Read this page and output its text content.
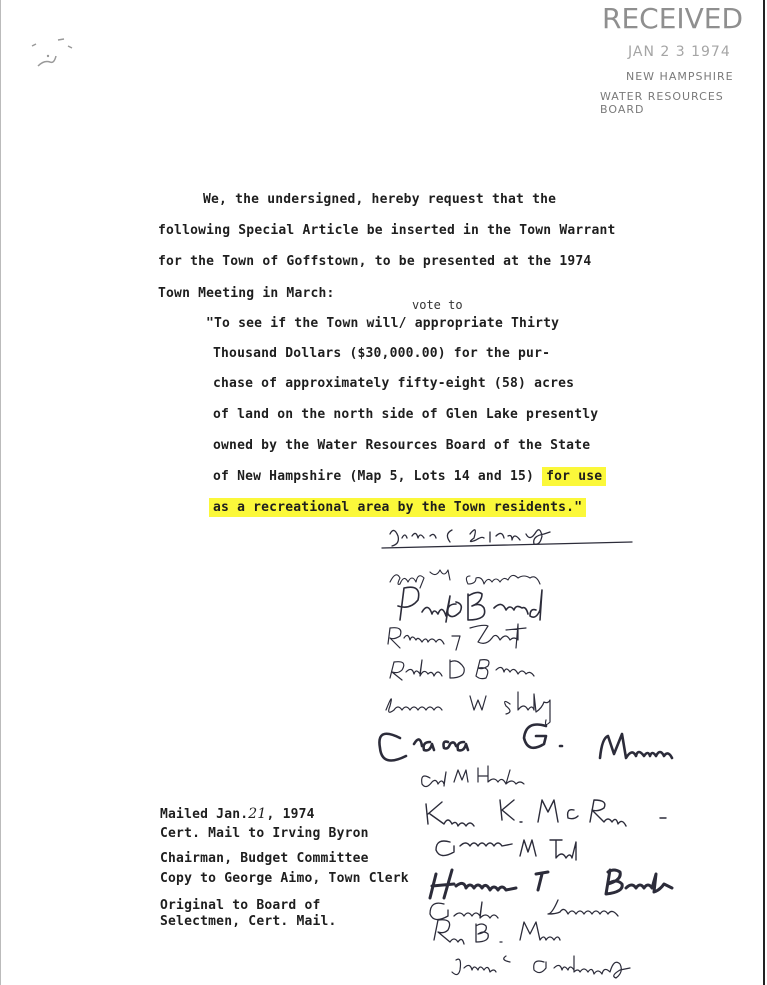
RECEIVED
JAN 2 3 1974
NEW HAMPSHIRE
WATER RESOURCES BOARD
We, the undersigned, hereby request that the
following Special Article be inserted in the Town Warrant
for the Town of Goffstown, to be presented at the 1974
Town Meeting in March:
vote to
"To see if the Town will/ appropriate Thirty
Thousand Dollars ($30,000.00) for the pur-
chase of approximately fifty-eight (58) acres
of land on the north side of Glen Lake presently
owned by the Water Resources Board of the State
of New Hampshire (Map 5, Lots 14 and 15) for use
as a recreational area by the Town residents."
Mailed Jan.21, 1974
Cert. Mail to Irving Byron
Chairman, Budget Committee
Copy to George Aimo, Town Clerk
Original to Board of
Selectmen, Cert. Mail.
